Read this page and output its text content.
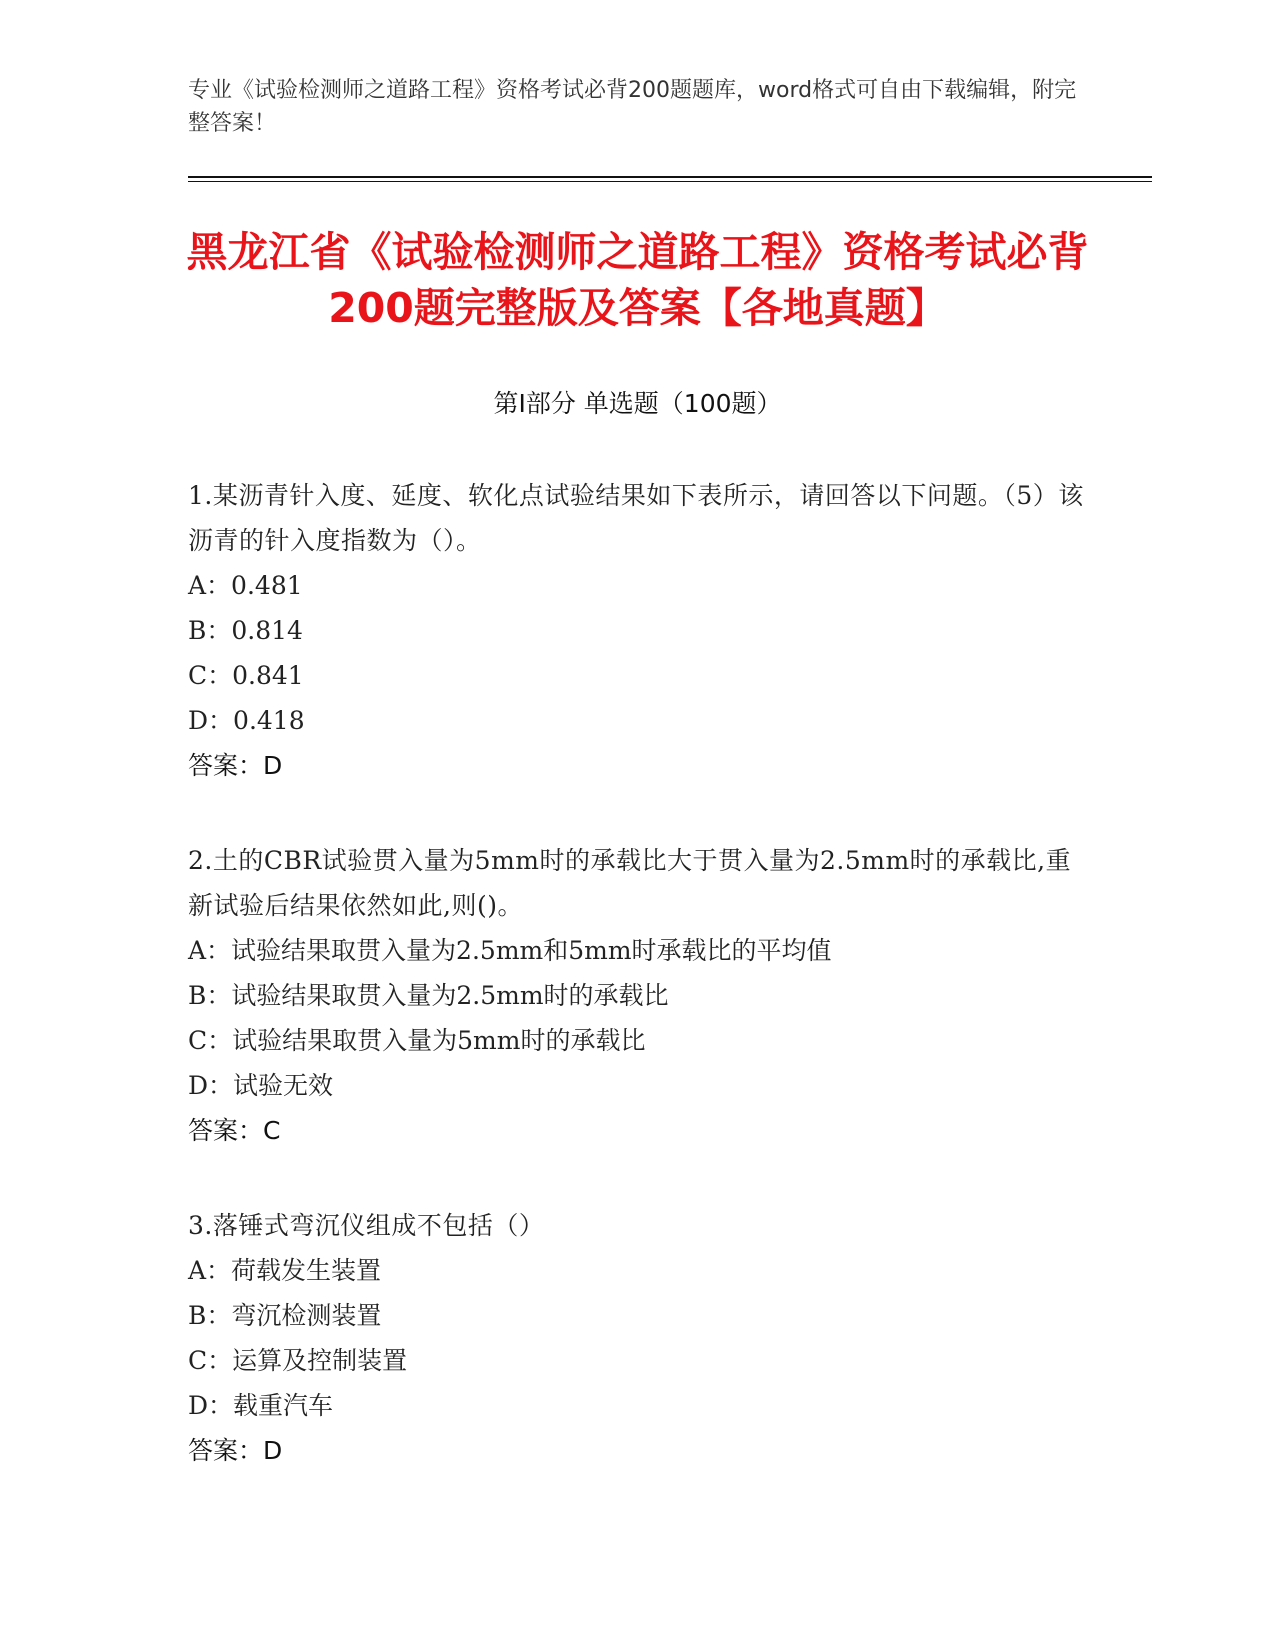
专业《试验检测师之道路工程》资格考试必背200题题库，word格式可自由下载编辑，附完整答案！
黑龙江省《试验检测师之道路工程》资格考试必背200题完整版及答案【各地真题】
第Ⅰ部分 单选题（100题）
1.某沥青针入度、延度、软化点试验结果如下表所示，请回答以下问题。（5）该沥青的针入度指数为（）。
A：0.481
B：0.814
C：0.841
D：0.418
答案：D
2.土的CBR试验贯入量为5mm时的承载比大于贯入量为2.5mm时的承载比,重新试验后结果依然如此,则()。
A：试验结果取贯入量为2.5mm和5mm时承载比的平均值
B：试验结果取贯入量为2.5mm时的承载比
C：试验结果取贯入量为5mm时的承载比
D：试验无效
答案：C
3.落锤式弯沉仪组成不包括（）
A：荷载发生装置
B：弯沉检测装置
C：运算及控制装置
D：载重汽车
答案：D
